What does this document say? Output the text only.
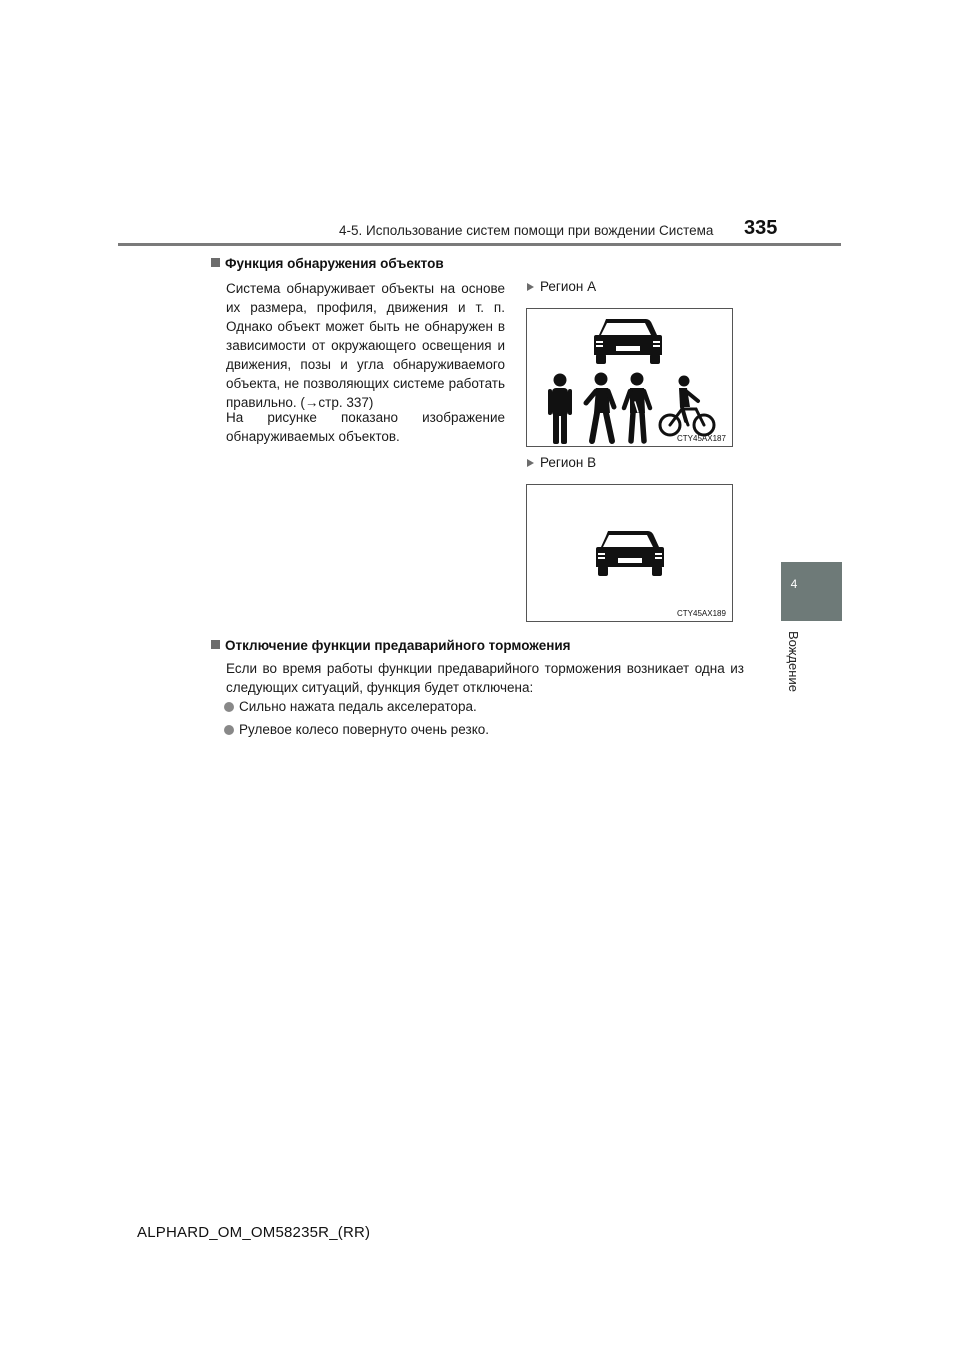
4-5. Использование систем помощи при вождении Система 335
4
Вождение
Функция обнаружения объектов
Система обнаруживает объекты на основе их размера, профиля, движения и т. п. Однако объект может быть не обнаружен в зависимости от окружающего освещения и движения, позы и угла обнаруживаемого объекта, не позволяющих системе работать правильно. (→стр. 337)
На рисунке показано изображение обнаруживаемых объектов.
Регион A
CTY45AX187
Регион B
CTY45AX189
Отключение функции предаварийного торможения
Если во время работы функции предаварийного торможения возникает одна из следующих ситуаций, функция будет отключена:
Сильно нажата педаль акселератора.
Рулевое колесо повернуто очень резко.
ALPHARD_OM_OM58235R_(RR)
